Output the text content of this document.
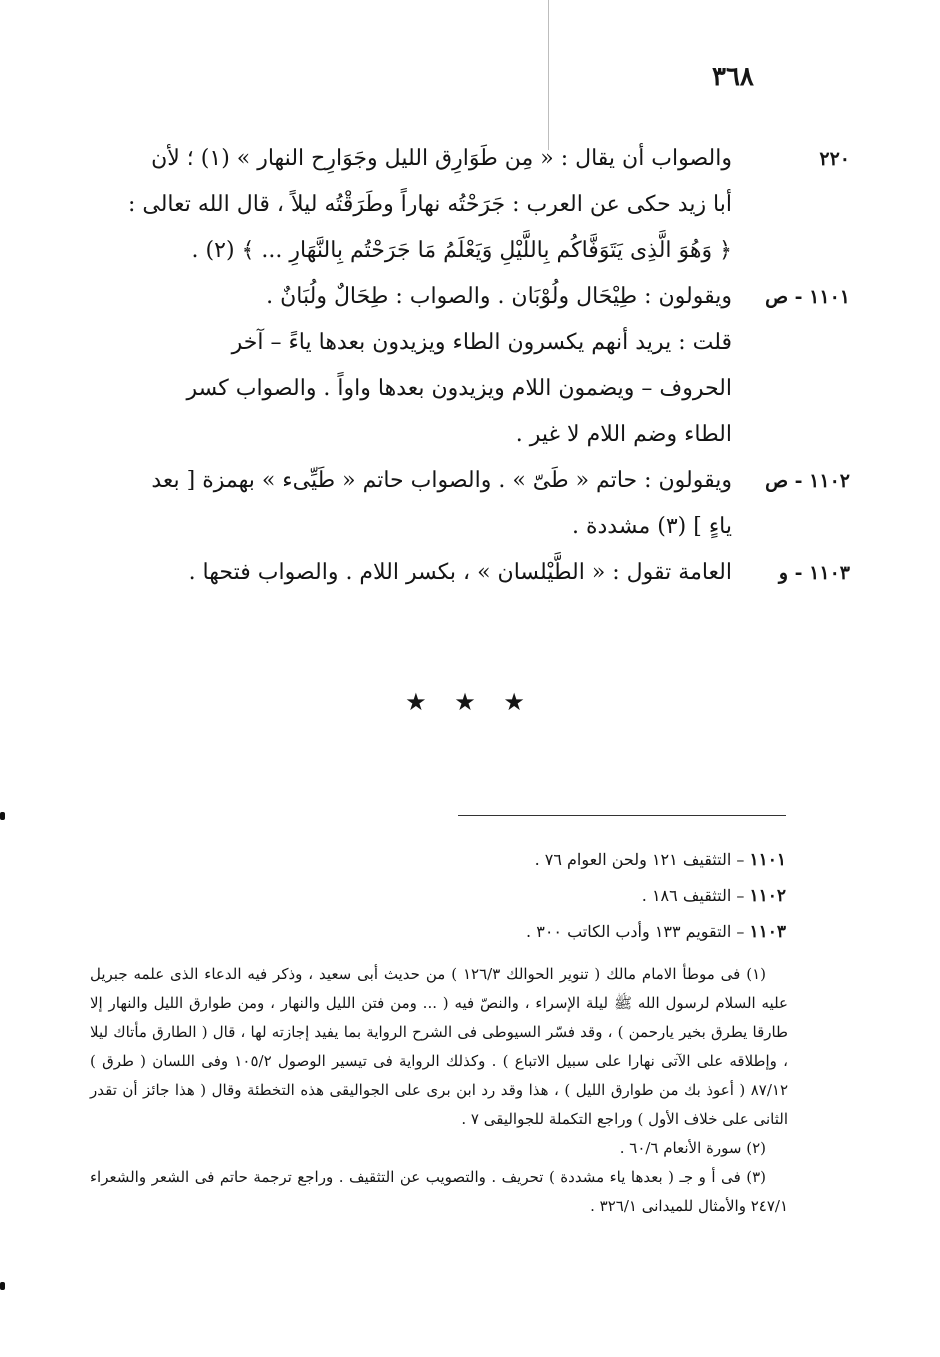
٣٦٨
٢٢٠

والصواب أن يقال : « مِن طَوَارِق الليل وجَوَارِح النهار » (١) ؛ لأن

أبا زيد حكى عن العرب : جَرَحْتُه نهاراً وطَرَقْتُه ليلاً ، قال الله تعالى :

﴿ وَهُوَ الَّذِى يَتَوَفَّاكُم بِاللَّيْلِ وَيَعْلَمُ مَا جَرَحْتُم بِالنَّهَارِ ... ﴾ (٢) .

١١٠١ - ص

ويقولون : طِيْحَال ولُوْبَان . والصواب : طِحَالٌ ولُبَانٌ .

قلت : يريد أنهم يكسرون الطاء ويزيدون بعدها ياءً – آخر

الحروف – ويضمون اللام ويزيدون بعدها واواً . والصواب كسر

الطاء وضم اللام لا غير .

١١٠٢ - ص

ويقولون : حاتم « طَىّ » . والصواب حاتم « طَيِّىء » بهمزة [ بعد

ياءٍ ] (٣) مشددة .

١١٠٣ - و

العامة تقول : « الطَّيْلسان » ، بكسر اللام . والصواب فتحها .

★ ★ ★
١١٠١ – التثقيف ١٢١ ولحن العوام ٧٦ .
١١٠٢ – التثقيف ١٨٦ .
١١٠٣ – التقويم ١٣٣ وأدب الكاتب ٣٠٠ .

(١) فى موطأ الامام مالك ( تنوير الحوالك ١٢٦/٣ ) من حديث أبى سعيد ، وذكر فيه الدعاء الذى علمه جبريل عليه السلام لرسول الله ﷺ ليلة الإسراء ، والنصّ فيه ( ... ومن فتن الليل والنهار ، ومن طوارق الليل والنهار إلا طارقا يطرق بخير يارحمن ) ، وقد فسّر السيوطى فى الشرح الرواية بما يفيد إجازته لها ، قال ( الطارق مأتاك ليلا ، وإطلاقه على الآتى نهارا على سبيل الاتباع ) . وكذلك الرواية فى تيسير الوصول ١٠٥/٢ وفى اللسان ( طرق ) ٨٧/١٢ ( أعوذ بك من طوارق الليل ) ، هذا وقد رد ابن برى على الجواليقى هذه التخطئة وقال ( هذا جائز أن تقدر الثانى على خلاف الأول ) وراجع التكملة للجواليقى ٧ .

(٢) سورة الأنعام ٦٠/٦ .

(٣) فى أ و جـ ( بعدها ياء مشددة ) تحريف . والتصويب عن التثقيف . وراجع ترجمة حاتم فى الشعر والشعراء ٢٤٧/١ والأمثال للميدانى ٣٢٦/١ .
